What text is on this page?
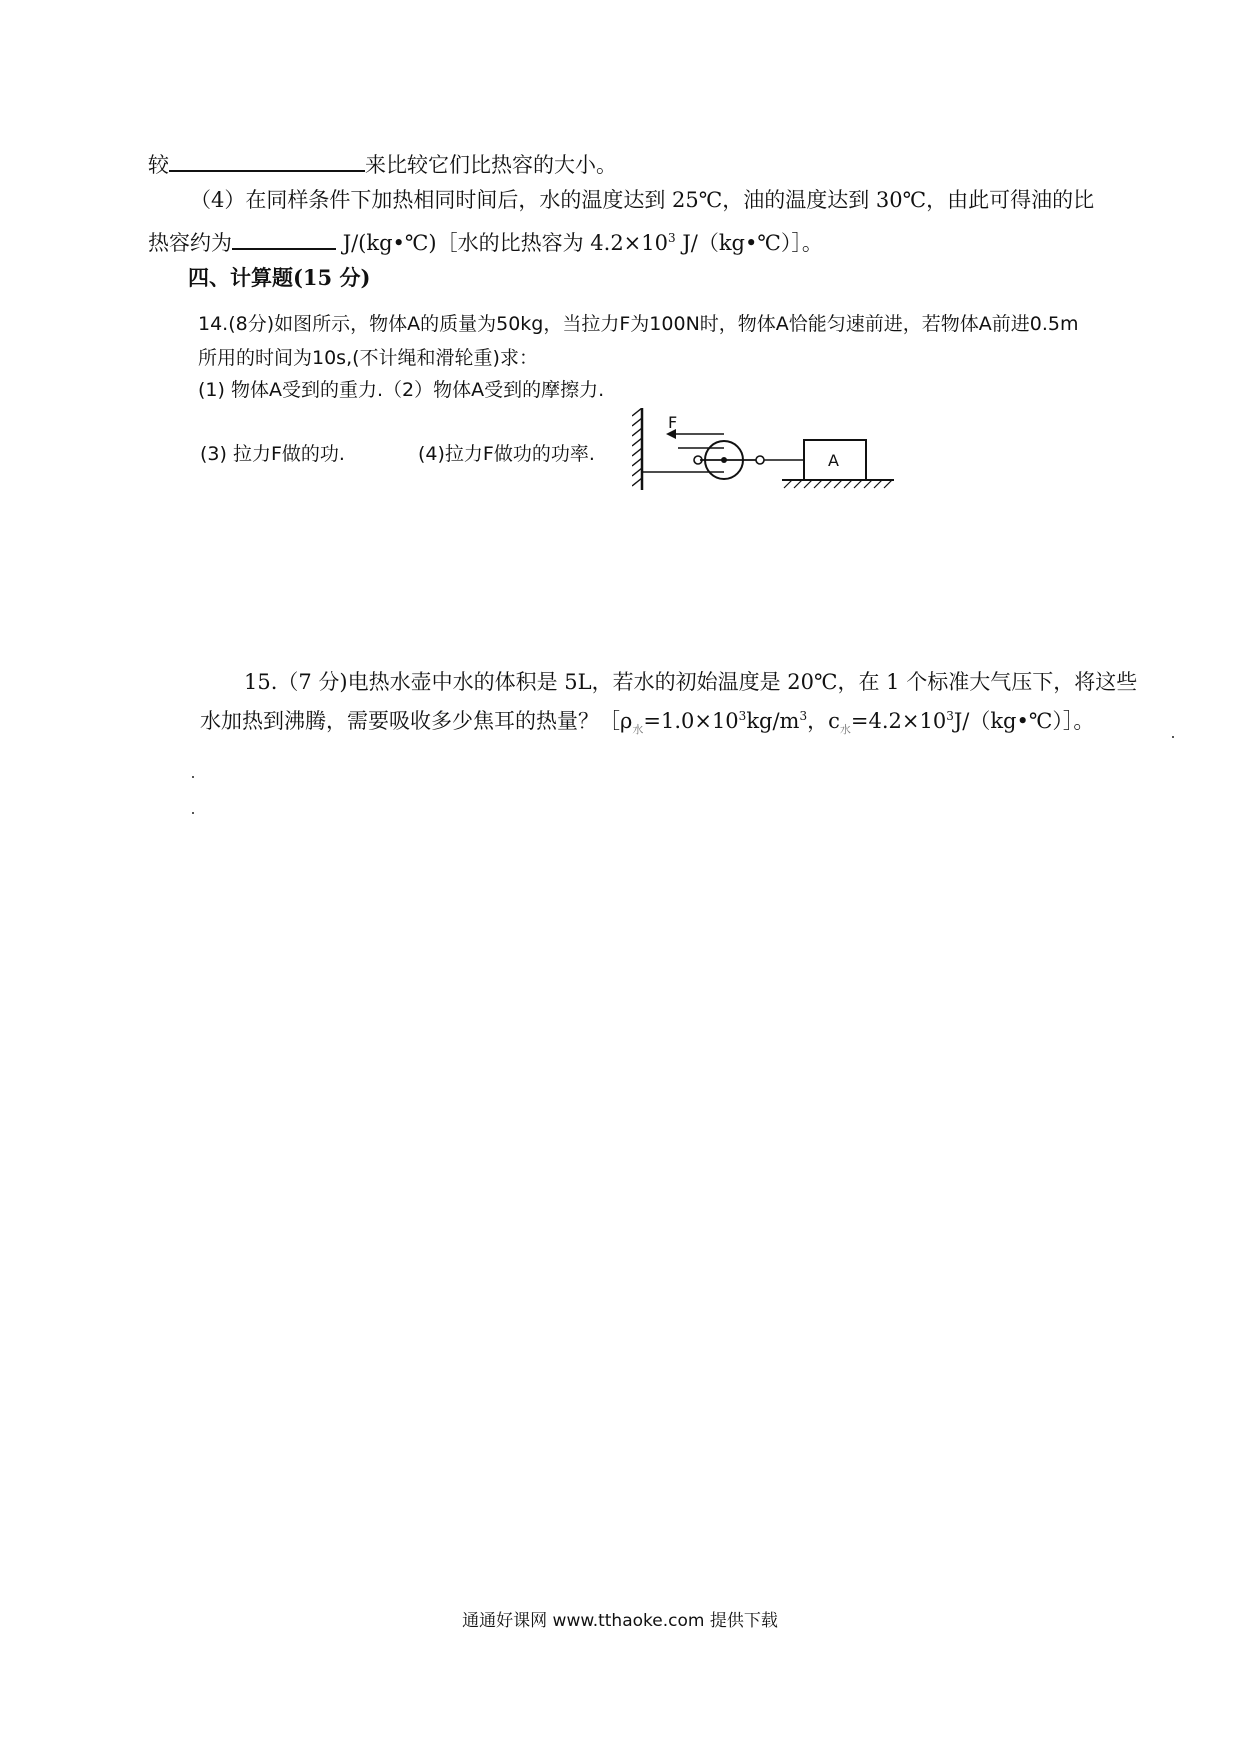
较	来比较它们比热容的大小。
（4）在同样条件下加热相同时间后，水的温度达到 25℃，油的温度达到 30℃，由此可得油的比
热容约为	J/(kg•℃)［水的比热容为 $4.2\times 10^3$ J/（kg•℃）］。
四、计算题(15 分)
14.(8分)如图所示，物体A的质量为50kg，当拉力F为100N时，物体A恰能匀速前进，若物体A前进0.5m
所用的时间为10s,(不计绳和滑轮重)求：
(1) 物体A受到的重力.（2）物体A受到的摩擦力.
(3) 拉力F做的功.	(4)拉力F做功的功率.
F
A
15.（7 分)电热水壶中水的体积是 5L，若水的初始温度是 20℃，在 1 个标准大气压下，将这些
水加热到沸腾，需要吸收多少焦耳的热量？$[\rho_水=1.0\times 10^3kg/m^3$，$c_水=4.2\times 10^3J/(kg•℃)]$。
通通好课网 www.tthaoke.com 提供下载
